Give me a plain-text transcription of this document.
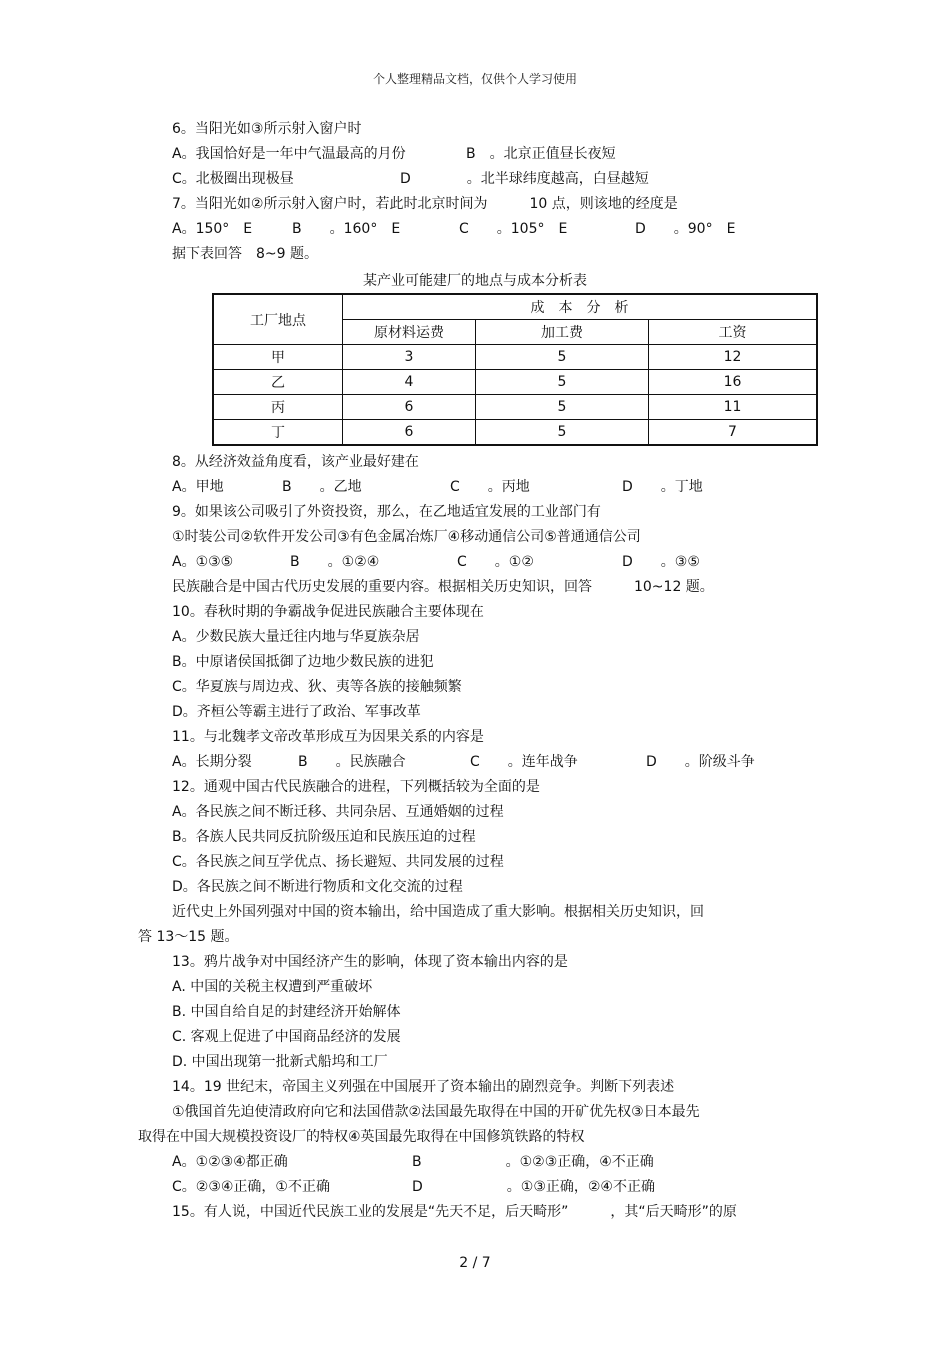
个人整理精品文档，仅供个人学习使用
6。当阳光如③所示射入窗户时
A。我国恰好是一年中气温最高的月份	B　。北京正值昼长夜短
C。北极圈出现极昼	D　　　　。北半球纬度越高，白昼越短
7。当阳光如②所示射入窗户时，若此时北京时间为　　　10 点，则该地的经度是
A。150°　E	B　　。160°　E	C　　。105°　E	D　　。90°　E
据下表回答　8~9 题。
某产业可能建厂的地点与成本分析表
工厂地点	成　本　分　析		
	原材料运费	加工费	工资
甲	3	5	12
乙	4	5	16
丙	6	5	11
丁	6	5	7
8。从经济效益角度看，该产业最好建在
A。甲地	B　　。乙地	C　　。丙地	D　　。丁地
9。如果该公司吸引了外资投资，那么，在乙地适宜发展的工业部门有
①时装公司②软件开发公司③有色金属冶炼厂④移动通信公司⑤普通通信公司
A。①③⑤	B　　。①②④	C　　。①②	D　　。③⑤
民族融合是中国古代历史发展的重要内容。根据相关历史知识，回答　　　10~12 题。
10。春秋时期的争霸战争促进民族融合主要体现在
A。少数民族大量迁往内地与华夏族杂居
B。中原诸侯国抵御了边地少数民族的进犯
C。华夏族与周边戎、狄、夷等各族的接触频繁
D。齐桓公等霸主进行了政治、军事改革
11。与北魏孝文帝改革形成互为因果关系的内容是
A。长期分裂	B　　。民族融合	C　　。连年战争	D　　。阶级斗争
12。通观中国古代民族融合的进程，下列概括较为全面的是
A。各民族之间不断迁移、共同杂居、互通婚姻的过程
B。各族人民共同反抗阶级压迫和民族压迫的过程
C。各民族之间互学优点、扬长避短、共同发展的过程
D。各民族之间不断进行物质和文化交流的过程
近代史上外国列强对中国的资本输出，给中国造成了重大影响。根据相关历史知识，回
答 13～15 题。
13。鸦片战争对中国经济产生的影响，体现了资本输出内容的是
A. 中国的关税主权遭到严重破坏
B. 中国自给自足的封建经济开始解体
C. 客观上促进了中国商品经济的发展
D. 中国出现第一批新式船坞和工厂
14。19 世纪末，帝国主义列强在中国展开了资本输出的剧烈竞争。判断下列表述
①俄国首先迫使清政府向它和法国借款②法国最先取得在中国的开矿优先权③日本最先
取得在中国大规模投资设厂的特权④英国最先取得在中国修筑铁路的特权
A。①②③④都正确	B　　　　　　。①②③正确，④不正确
C。②③④正确，①不正确	D　　　　　　。①③正确，②④不正确
15。有人说，中国近代民族工业的发展是“先天不足，后天畸形”　　　，其“后天畸形”的原
2 / 7
